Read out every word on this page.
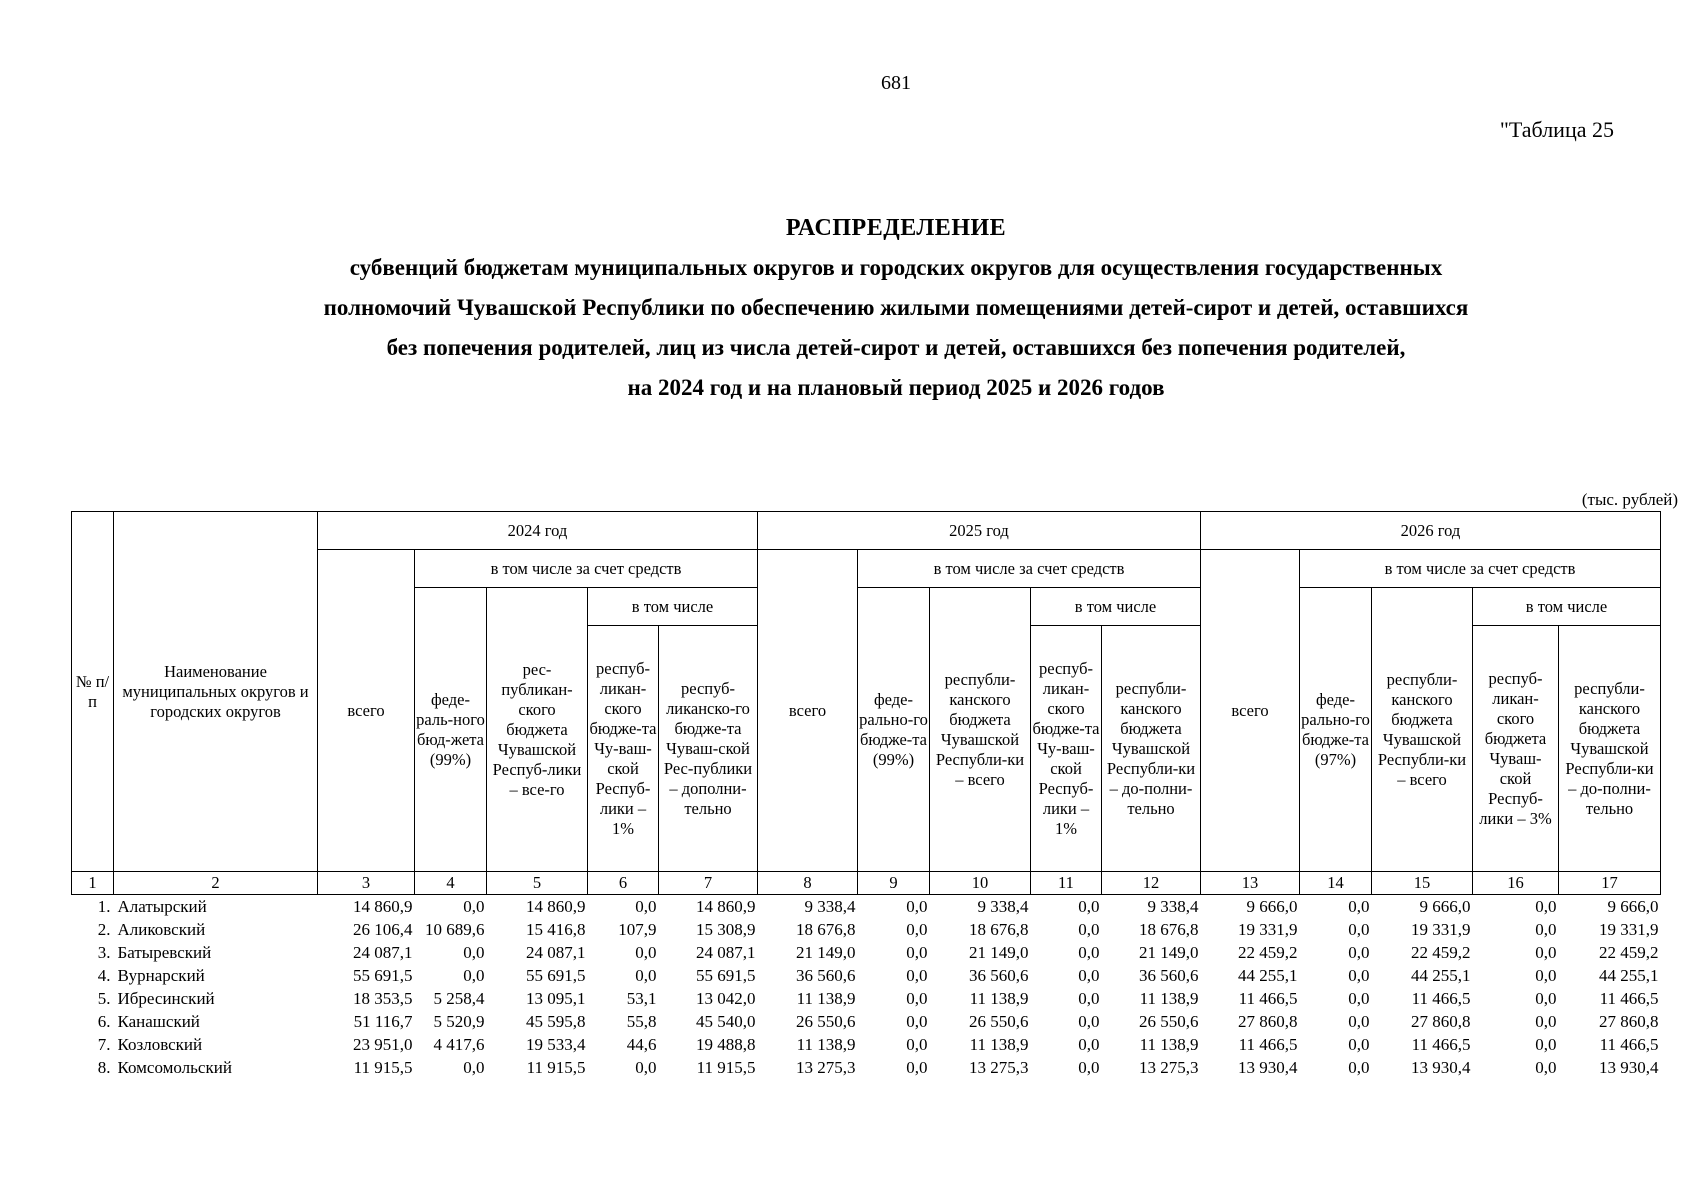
681
"Таблица 25
РАСПРЕДЕЛЕНИЕ
субвенций бюджетам муниципальных округов и городских округов для осуществления государственных
полномочий Чувашской Республики по обеспечению жилыми помещениями детей-сирот и детей, оставшихся
без попечения родителей, лиц из числа детей-сирот и детей, оставшихся без попечения родителей,
на 2024 год и на плановый период 2025 и 2026 годов
(тыс. рублей)
№ п/п	Наименование муниципальных округов и городских округов	2024 год					2025 год					2026 год				
		всего	в том числе за счет средств				всего	в том числе за счет средств				всего	в том числе за счет средств			
			феде-раль-ного бюд-жета (99%)	рес-публикан-ского бюджета Чувашской Респуб-лики – все-го	в том числе			феде-рально-го бюдже-та (99%)	республи-канского бюджета Чувашской Республи-ки – всего	в том числе			феде-рально-го бюдже-та (97%)	республи-канского бюджета Чувашской Республи-ки – всего	в том числе	
					респуб-ликан-ского бюдже-та Чу-ваш-ской Респуб-лики – 1%	респуб-ликанско-го бюдже-та Чуваш-ской Рес-публики – дополни-тельно				респуб-ликан-ского бюдже-та Чу-ваш-ской Респуб-лики – 1%	республи-канского бюджета Чувашской Республи-ки – до-полни-тельно				респуб-ликан-ского бюджета Чуваш-ской Респуб-лики – 3%	республи-канского бюджета Чувашской Республи-ки – до-полни-тельно
1	2	3	4	5	6	7	8	9	10	11	12	13	14	15	16	17
1.	Алатырский	14 860,9	0,0	14 860,9	0,0	14 860,9	9 338,4	0,0	9 338,4	0,0	9 338,4	9 666,0	0,0	9 666,0	0,0	9 666,0
2.	Аликовский	26 106,4	10 689,6	15 416,8	107,9	15 308,9	18 676,8	0,0	18 676,8	0,0	18 676,8	19 331,9	0,0	19 331,9	0,0	19 331,9
3.	Батыревский	24 087,1	0,0	24 087,1	0,0	24 087,1	21 149,0	0,0	21 149,0	0,0	21 149,0	22 459,2	0,0	22 459,2	0,0	22 459,2
4.	Вурнарский	55 691,5	0,0	55 691,5	0,0	55 691,5	36 560,6	0,0	36 560,6	0,0	36 560,6	44 255,1	0,0	44 255,1	0,0	44 255,1
5.	Ибресинский	18 353,5	5 258,4	13 095,1	53,1	13 042,0	11 138,9	0,0	11 138,9	0,0	11 138,9	11 466,5	0,0	11 466,5	0,0	11 466,5
6.	Канашский	51 116,7	5 520,9	45 595,8	55,8	45 540,0	26 550,6	0,0	26 550,6	0,0	26 550,6	27 860,8	0,0	27 860,8	0,0	27 860,8
7.	Козловский	23 951,0	4 417,6	19 533,4	44,6	19 488,8	11 138,9	0,0	11 138,9	0,0	11 138,9	11 466,5	0,0	11 466,5	0,0	11 466,5
8.	Комсомольский	11 915,5	0,0	11 915,5	0,0	11 915,5	13 275,3	0,0	13 275,3	0,0	13 275,3	13 930,4	0,0	13 930,4	0,0	13 930,4
